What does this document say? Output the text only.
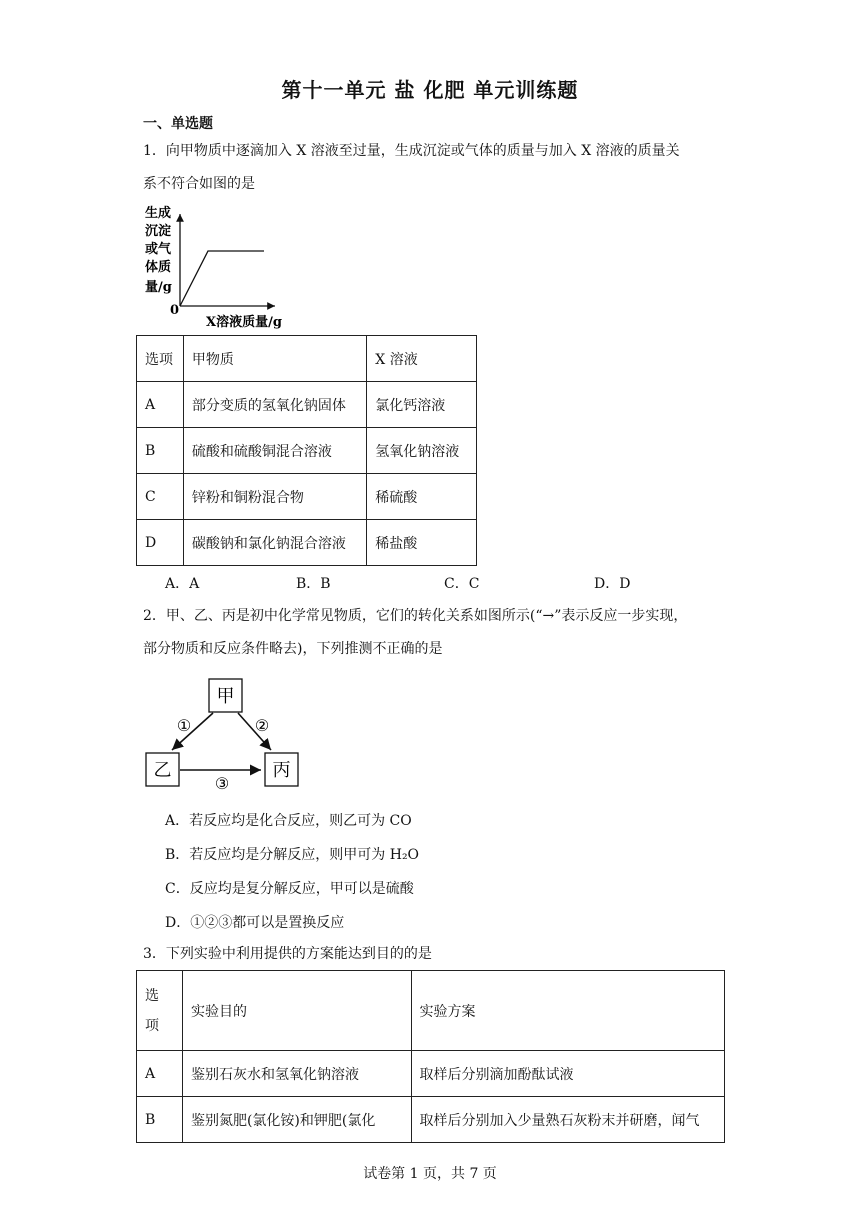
第十一单元 盐 化肥 单元训练题
一、单选题
1．向甲物质中逐滴加入 X 溶液至过量，生成沉淀或气体的质量与加入 X 溶液的质量关
系不符合如图的是
生成
沉淀
或气
体质
量/g
0
X溶液质量/g
选项	甲物质	X 溶液
A	部分变质的氢氧化钠固体	氯化钙溶液
B	硫酸和硫酸铜混合溶液	氢氧化钠溶液
C	锌粉和铜粉混合物	稀硫酸
D	碳酸钠和氯化钠混合溶液	稀盐酸
A．A	B．B	C．C	D．D
2．甲、乙、丙是初中化学常见物质，它们的转化关系如图所示(“→”表示反应一步实现，
部分物质和反应条件略去)，下列推测不正确的是
甲
乙	丙
①	②
③
A．若反应均是化合反应，则乙可为 CO
B．若反应均是分解反应，则甲可为 H₂O
C．反应均是复分解反应，甲可以是硫酸
D．①②③都可以是置换反应
3．下列实验中利用提供的方案能达到目的的是
选
项	实验目的	实验方案
A	鉴别石灰水和氢氧化钠溶液	取样后分别滴加酚酞试液
B	鉴别氮肥(氯化铵)和钾肥(氯化	取样后分别加入少量熟石灰粉末并研磨，闻气
试卷第 1 页，共 7 页
